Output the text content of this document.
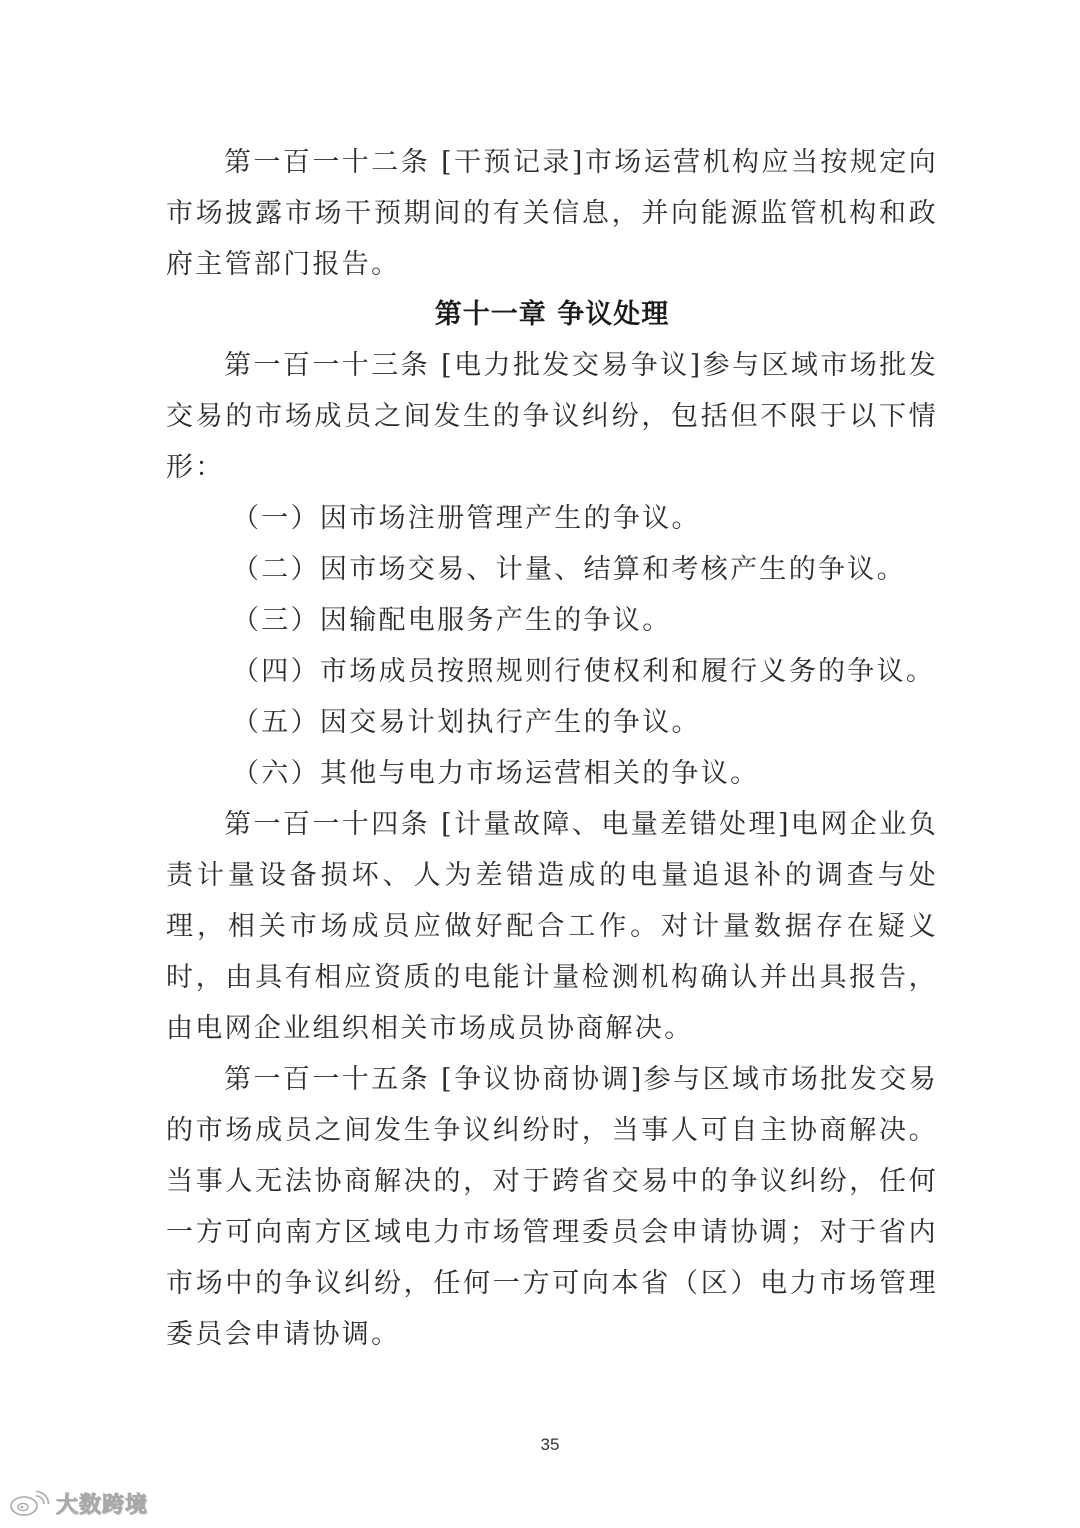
第一百一十二条 [干预记录]市场运营机构应当按规定向市场披露市场干预期间的有关信息，并向能源监管机构和政府主管部门报告。

第十一章 争议处理

第一百一十三条 [电力批发交易争议]参与区域市场批发交易的市场成员之间发生的争议纠纷，包括但不限于以下情形：

（一）因市场注册管理产生的争议。

（二）因市场交易、计量、结算和考核产生的争议。

（三）因输配电服务产生的争议。

（四）市场成员按照规则行使权利和履行义务的争议。

（五）因交易计划执行产生的争议。

（六）其他与电力市场运营相关的争议。

第一百一十四条 [计量故障、电量差错处理]电网企业负责计量设备损坏、人为差错造成的电量追退补的调查与处理，相关市场成员应做好配合工作。对计量数据存在疑义时，由具有相应资质的电能计量检测机构确认并出具报告，由电网企业组织相关市场成员协商解决。

第一百一十五条 [争议协商协调]参与区域市场批发交易的市场成员之间发生争议纠纷时，当事人可自主协商解决。当事人无法协商解决的，对于跨省交易中的争议纠纷，任何一方可向南方区域电力市场管理委员会申请协调；对于省内市场中的争议纠纷，任何一方可向本省（区）电力市场管理委员会申请协调。

35
大数跨境
